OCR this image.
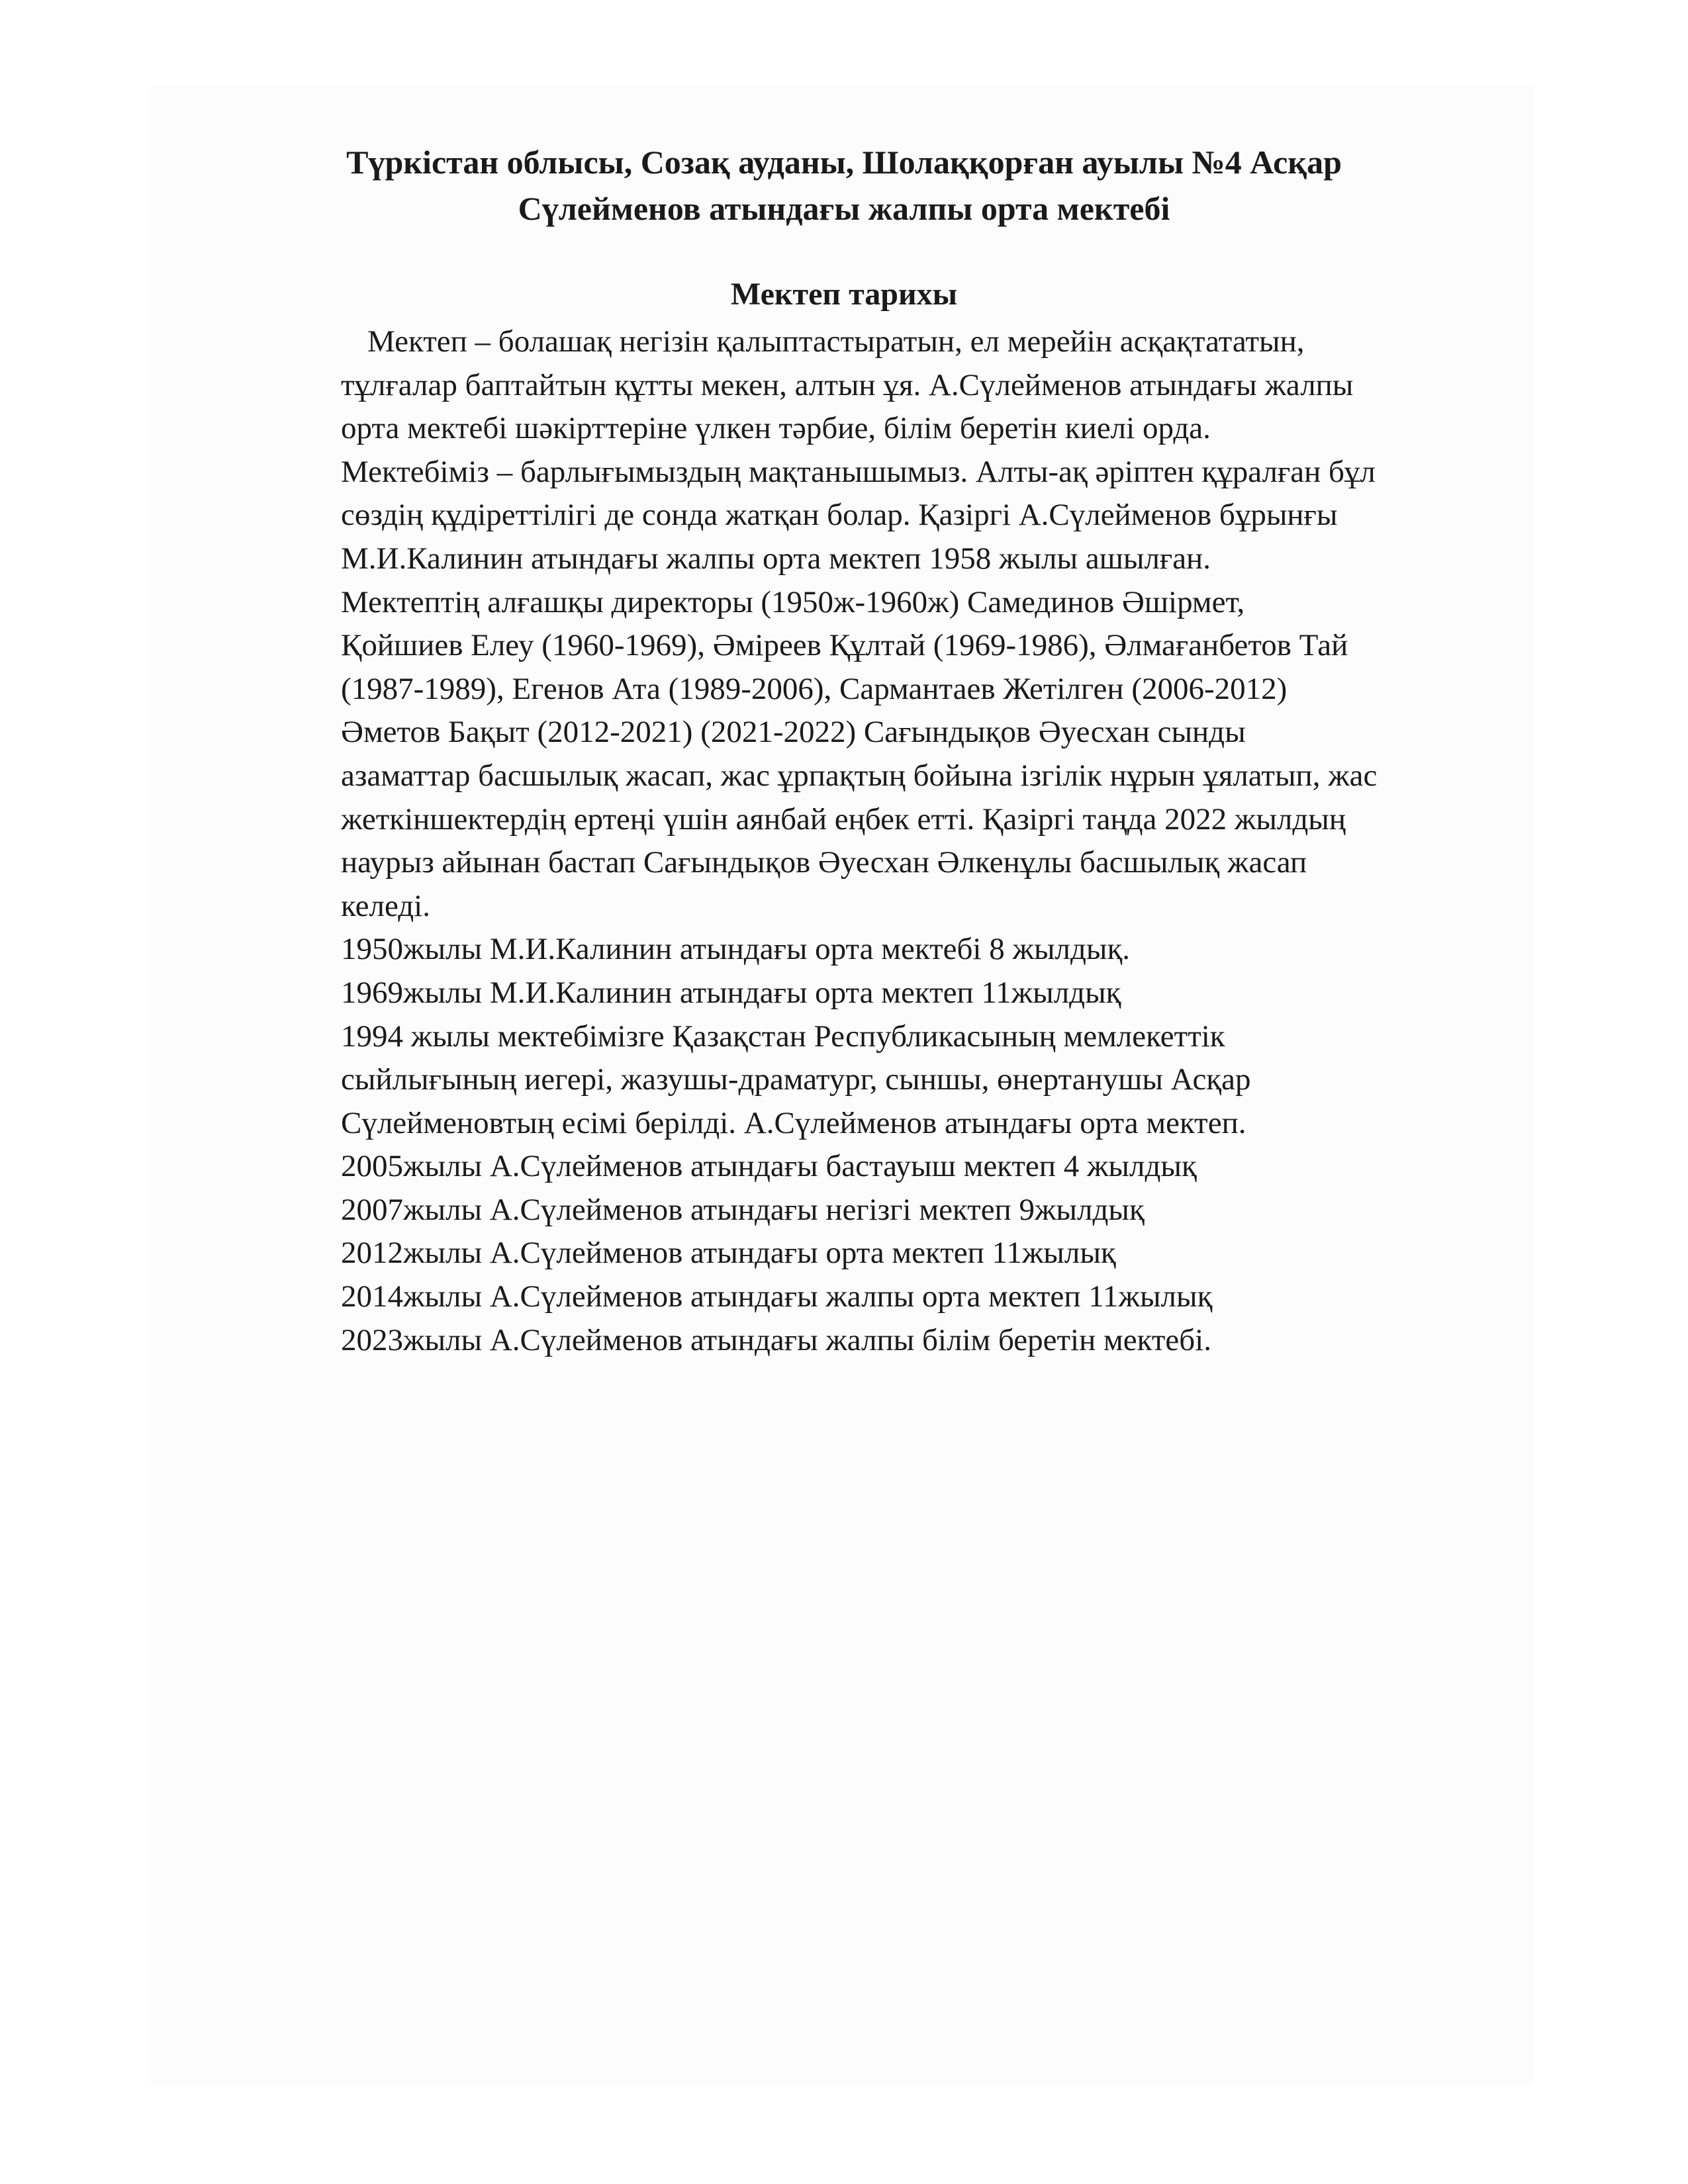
Түркістан облысы, Созақ ауданы, Шолаққорған ауылы №4 Асқар
Сүлейменов атындағы жалпы орта мектебі
Мектеп тарихы
Мектеп – болашақ негізін қалыптастыратын, ел мерейін асқақтататын,
тұлғалар баптайтын құтты мекен, алтын ұя. А.Сүлейменов атындағы жалпы
орта мектебі шәкірттеріне үлкен тәрбие, білім беретін киелі орда.
Мектебіміз – барлығымыздың мақтанышымыз. Алты-ақ әріптен құралған бұл
сөздің құдіреттілігі де сонда жатқан болар. Қазіргі А.Сүлейменов бұрынғы
М.И.Калинин атындағы жалпы орта мектеп 1958 жылы ашылған.
Мектептің алғашқы директоры (1950ж-1960ж) Самединов Әшірмет,
Қойшиев Елеу (1960-1969), Әміреев Құлтай (1969-1986), Әлмағанбетов Тай
(1987-1989), Егенов Ата (1989-2006), Сармантаев Жетілген (2006-2012)
Әметов Бақыт (2012-2021) (2021-2022) Сағындықов Әуесхан сынды
азаматтар басшылық жасап, жас ұрпақтың бойына ізгілік нұрын ұялатып, жас
жеткіншектердің ертеңі үшін аянбай еңбек етті. Қазіргі таңда 2022 жылдың
наурыз айынан бастап Сағындықов Әуесхан Әлкенұлы басшылық жасап
келеді.
1950жылы М.И.Калинин атындағы орта мектебі 8 жылдық.
1969жылы М.И.Калинин атындағы орта мектеп 11жылдық
1994 жылы мектебімізге Қазақстан Республикасының мемлекеттік
сыйлығының иегері, жазушы-драматург, сыншы, өнертанушы Асқар
Сүлейменовтың есімі берілді. А.Сүлейменов атындағы орта мектеп.
2005жылы А.Сүлейменов атындағы бастауыш мектеп 4 жылдық
2007жылы А.Сүлейменов атындағы негізгі мектеп 9жылдық
2012жылы А.Сүлейменов атындағы орта мектеп 11жылық
2014жылы А.Сүлейменов атындағы жалпы орта мектеп 11жылық
2023жылы А.Сүлейменов атындағы жалпы білім беретін мектебі.
